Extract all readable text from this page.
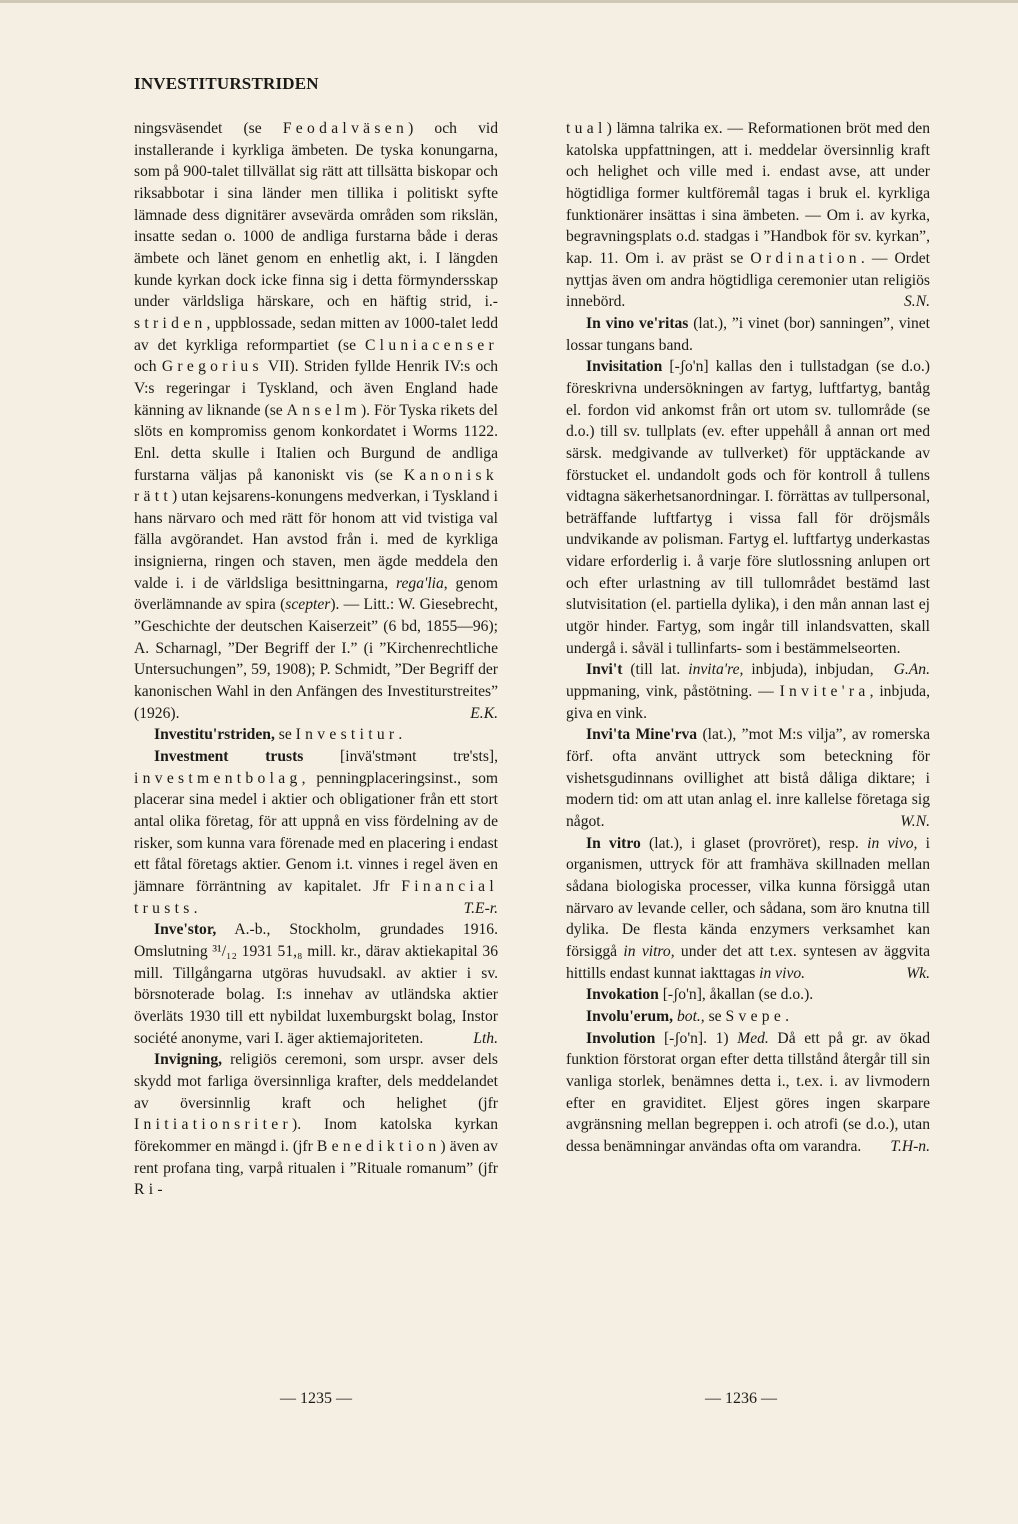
INVESTITURSTRIDEN

ningsväsendet (se Feodalväsen) och vid installerande i kyrkliga ämbeten. De tyska konungarna, som på 900-talet tillvällat sig rätt att tillsätta biskopar och riksabbotar i sina länder men tillika i politiskt syfte lämnade dess dignitärer avsevärda områden som rikslän, insatte sedan o. 1000 de andliga furstarna både i deras ämbete och länet genom en enhetlig akt, i. I längden kunde kyrkan dock icke finna sig i detta förmyndersskap under världsliga härskare, och en häftig strid, i.-striden, uppblossade, sedan mitten av 1000-talet ledd av det kyrkliga reformpartiet (se Cluniacenser och Gregorius VII). Striden fyllde Henrik IV:s och V:s regeringar i Tyskland, och även England hade känning av liknande (se Anselm). För Tyska rikets del slöts en kompromiss genom konkordatet i Worms 1122. Enl. detta skulle i Italien och Burgund de andliga furstarna väljas på kanoniskt vis (se Kanonisk rätt) utan kejsarens-konungens medverkan, i Tyskland i hans närvaro och med rätt för honom att vid tvistiga val fälla avgörandet. Han avstod från i. med de kyrkliga insignierna, ringen och staven, men ägde meddela den valde i. i de världsliga besittningarna, rega'lia, genom överlämnande av spira (scepter). — Litt.: W. Giesebrecht, ”Geschichte der deutschen Kaiserzeit” (6 bd, 1855—96); A. Scharnagl, ”Der Begriff der I.” (i ”Kirchenrechtliche Untersuchungen”, 59, 1908); P. Schmidt, ”Der Begriff der kanonischen Wahl in den Anfängen des Investiturstreites” (1926).	E.K.

Investitu'rstriden, se Investitur.

Investment trusts [invä'stmənt trɐ'sts], investmentbolag, penningplaceringsinst., som placerar sina medel i aktier och obligationer från ett stort antal olika företag, för att uppnå en viss fördelning av de risker, som kunna vara förenade med en placering i endast ett fåtal företags aktier. Genom i.t. vinnes i regel även en jämnare förräntning av kapitalet. Jfr Financial trusts.	T.E-r.

Inve'stor, A.-b., Stockholm, grundades 1916. Omslutning ³¹/₁₂ 1931 51,₈ mill. kr., därav aktiekapital 36 mill. Tillgångarna utgöras huvudsakl. av aktier i sv. börsnoterade bolag. I:s innehav av utländska aktier överläts 1930 till ett nybildat luxemburgskt bolag, Instor société anonyme, vari I. äger aktiemajoriteten.	Lth.

Invigning, religiös ceremoni, som urspr. avser dels skydd mot farliga översinnliga krafter, dels meddelandet av översinnlig kraft och helighet (jfr Initiationsriter). Inom katolska kyrkan förekommer en mängd i. (jfr Benediktion) även av rent profana ting, varpå ritualen i ”Rituale romanum” (jfr Ri-

tual) lämna talrika ex. — Reformationen bröt med den katolska uppfattningen, att i. meddelar översinnlig kraft och helighet och ville med i. endast avse, att under högtidliga former kultföremål tagas i bruk el. kyrkliga funktionärer insättas i sina ämbeten. — Om i. av kyrka, begravningsplats o.d. stadgas i ”Handbok för sv. kyrkan”, kap. 11. Om i. av präst se Ordination. — Ordet nyttjas även om andra högtidliga ceremonier utan religiös innebörd.	S.N.

In vino ve'ritas (lat.), ”i vinet (bor) sanningen”, vinet lossar tungans band.

Invisitation [-ʃo'n] kallas den i tullstadgan (se d.o.) föreskrivna undersökningen av fartyg, luftfartyg, bantåg el. fordon vid ankomst från ort utom sv. tullområde (se d.o.) till sv. tullplats (ev. efter uppehåll å annan ort med särsk. medgivande av tullverket) för upptäckande av förstucket el. undandolt gods och för kontroll å tullens vidtagna säkerhetsanordningar. I. förrättas av tullpersonal, beträffande luftfartyg i vissa fall för dröjsmåls undvikande av polisman. Fartyg el. luftfartyg underkastas vidare erforderlig i. å varje före slutlossning anlupen ort och efter urlastning av till tullområdet bestämd last slutvisitation (el. partiella dylika), i den mån annan last ej utgör hinder. Fartyg, som ingår till inlandsvatten, skall undergå i. såväl i tullinfarts- som i bestämmelseorten.
G.An.

Invi't (till lat. invita're, inbjuda), inbjudan, uppmaning, vink, påstötning. — Invite'ra, inbjuda, giva en vink.

Invi'ta Mine'rva (lat.), ”mot M:s vilja”, av romerska förf. ofta använt uttryck som beteckning för vishetsgudinnans ovillighet att bistå dåliga diktare; i modern tid: om att utan anlag el. inre kallelse företaga sig något.	W.N.

In vitro (lat.), i glaset (provröret), resp. in vivo, i organismen, uttryck för att framhäva skillnaden mellan sådana biologiska processer, vilka kunna försiggå utan närvaro av levande celler, och sådana, som äro knutna till dylika. De flesta kända enzymers verksamhet kan försiggå in vitro, under det att t.ex. syntesen av äggvita hittills endast kunnat iakttagas in vivo.	Wk.

Invokation [-ʃo'n], åkallan (se d.o.).

Involu'erum, bot., se Svepe.

Involution [-ʃo'n]. 1) Med. Då ett på gr. av ökad funktion förstorat organ efter detta tillstånd återgår till sin vanliga storlek, benämnes detta i., t.ex. i. av livmodern efter en graviditet. Eljest göres ingen skarpare avgränsning mellan begreppen i. och atrofi (se d.o.), utan dessa benämningar användas ofta om varandra.	T.H-n.

— 1235 —	— 1236 —
